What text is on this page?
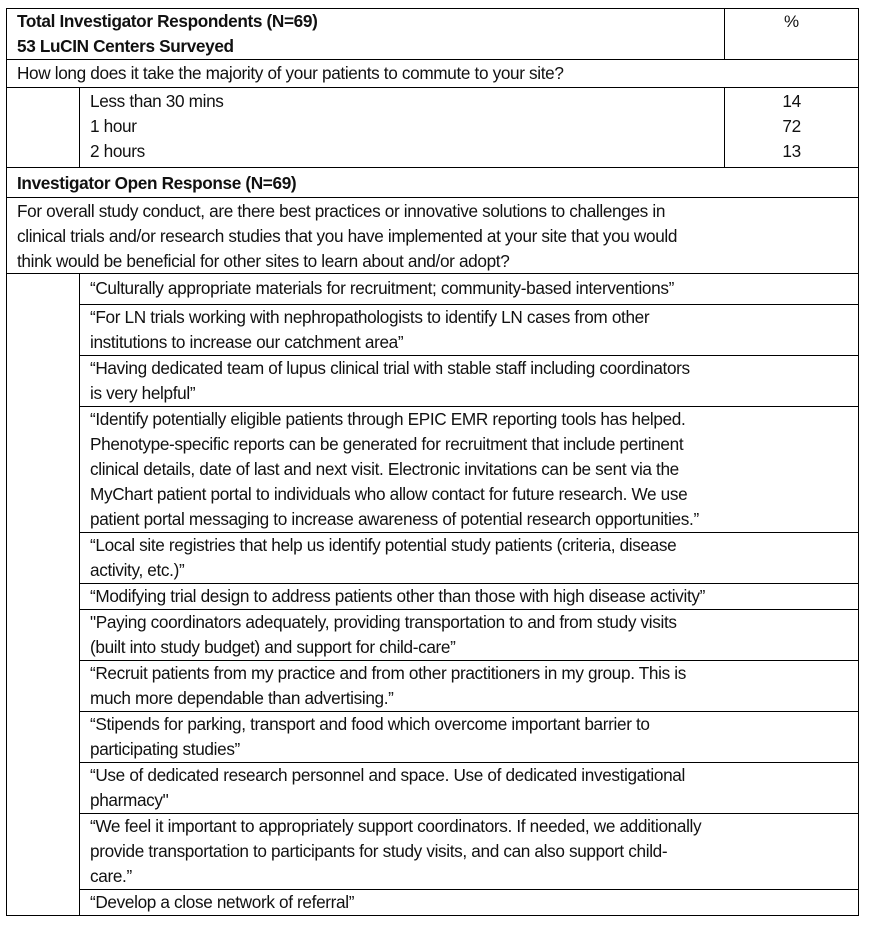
Total Investigator Respondents (N=69)
53 LuCIN Centers Surveyed
%
How long does it take the majority of your patients to commute to your site?
Less than 30 mins
1 hour
2 hours
14
72
13
Investigator Open Response (N=69)
For overall study conduct, are there best practices or innovative solutions to challenges in
clinical trials and/or research studies that you have implemented at your site that you would
think would be beneficial for other sites to learn about and/or adopt?
“Culturally appropriate materials for recruitment; community-based interventions”
“For LN trials working with nephropathologists to identify LN cases from other
institutions to increase our catchment area”
“Having dedicated team of lupus clinical trial with stable staff including coordinators
is very helpful”
“Identify potentially eligible patients through EPIC EMR reporting tools has helped.
Phenotype-specific reports can be generated for recruitment that include pertinent
clinical details, date of last and next visit. Electronic invitations can be sent via the
MyChart patient portal to individuals who allow contact for future research. We use
patient portal messaging to increase awareness of potential research opportunities.”
“Local site registries that help us identify potential study patients (criteria, disease
activity, etc.)”
“Modifying trial design to address patients other than those with high disease activity”
"Paying coordinators adequately, providing transportation to and from study visits
(built into study budget) and support for child-care”
“Recruit patients from my practice and from other practitioners in my group. This is
much more dependable than advertising.”
“Stipends for parking, transport and food which overcome important barrier to
participating studies”
“Use of dedicated research personnel and space. Use of dedicated investigational
pharmacy"
“We feel it important to appropriately support coordinators. If needed, we additionally
provide transportation to participants for study visits, and can also support child-
care.”
“Develop a close network of referral”
